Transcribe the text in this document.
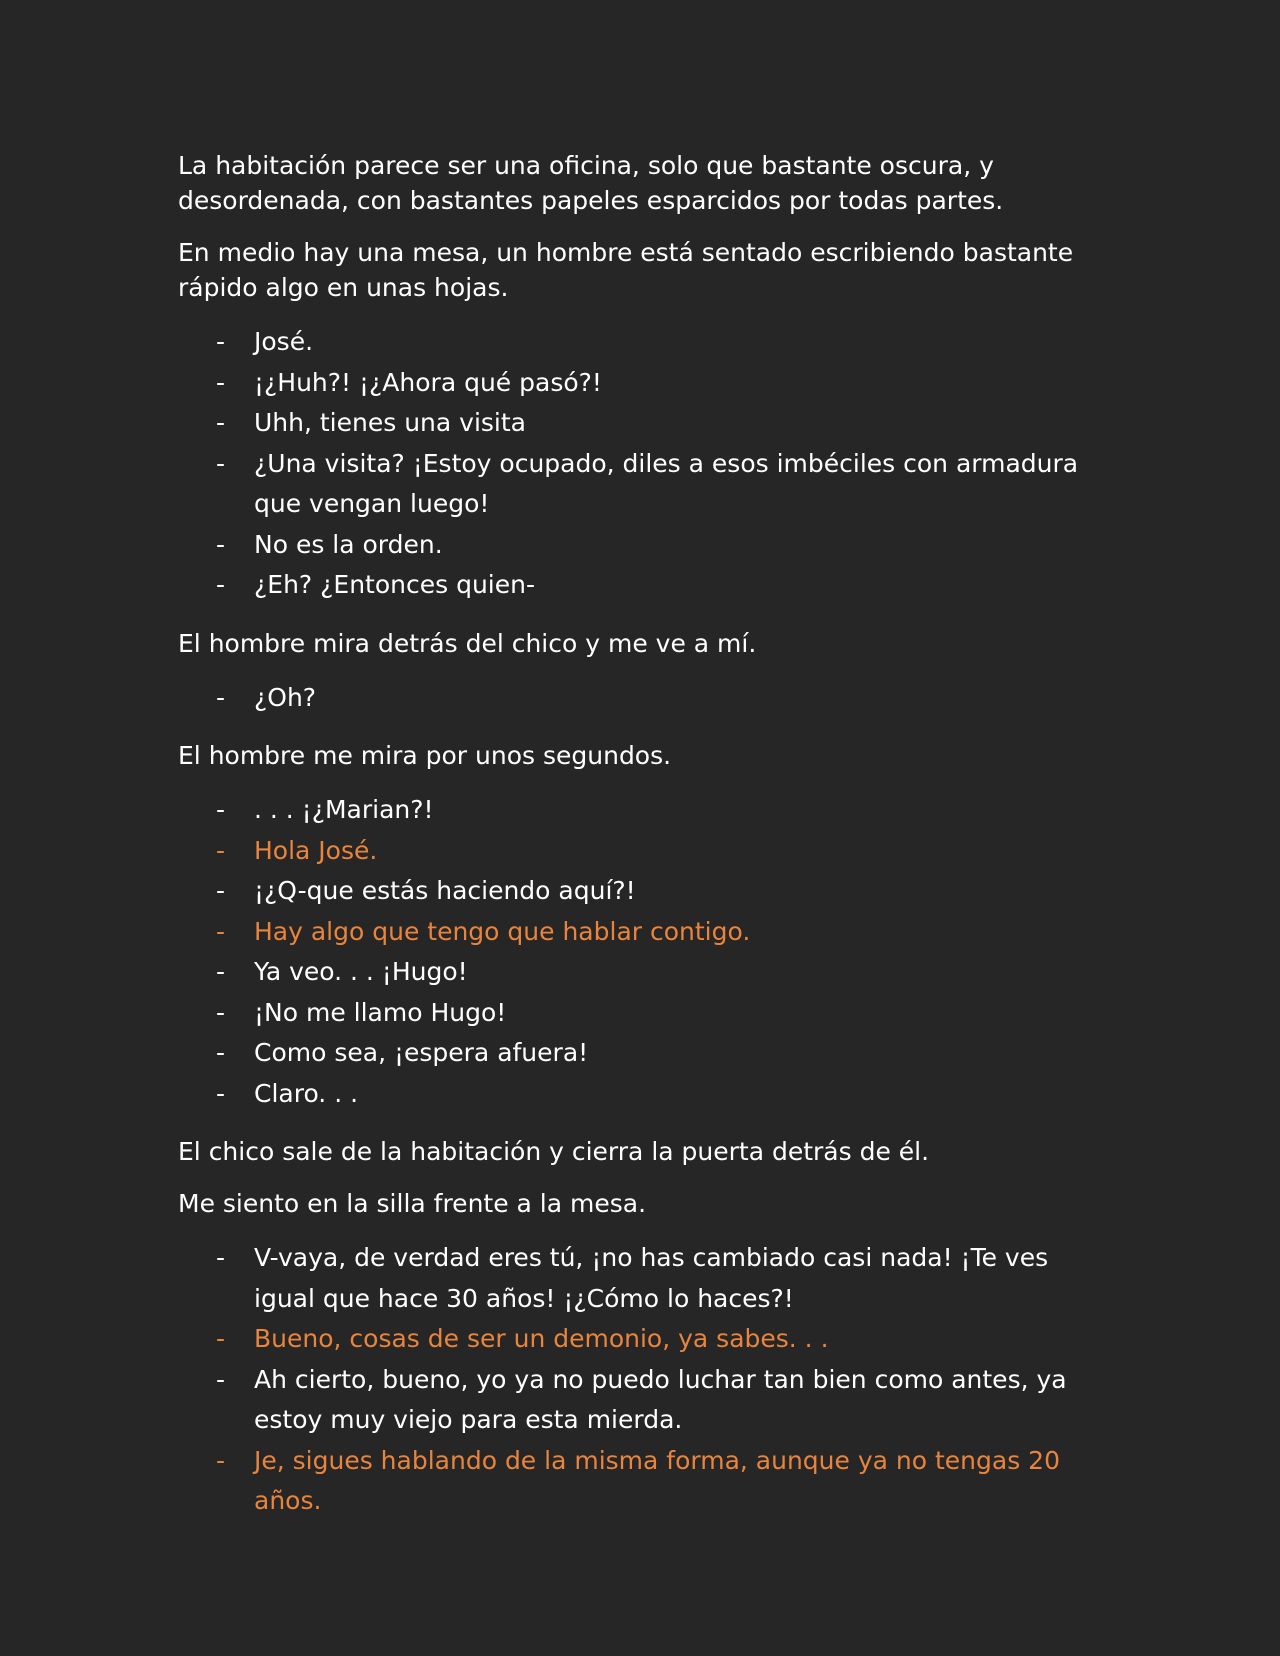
La habitación parece ser una oficina, solo que bastante oscura, y desordenada, con bastantes papeles esparcidos por todas partes.

En medio hay una mesa, un hombre está sentado escribiendo bastante rápido algo en unas hojas.

- José.
- ¡¿Huh?! ¡¿Ahora qué pasó?!
- Uhh, tienes una visita
- ¿Una visita? ¡Estoy ocupado, diles a esos imbéciles con armadura que vengan luego!
- No es la orden.
- ¿Eh? ¿Entonces quien-

El hombre mira detrás del chico y me ve a mí.

- ¿Oh?

El hombre me mira por unos segundos.

- . . . ¡¿Marian?!
- Hola José.
- ¡¿Q-que estás haciendo aquí?!
- Hay algo que tengo que hablar contigo.
- Ya veo. . . ¡Hugo!
- ¡No me llamo Hugo!
- Como sea, ¡espera afuera!
- Claro. . .

El chico sale de la habitación y cierra la puerta detrás de él.

Me siento en la silla frente a la mesa.

- V-vaya, de verdad eres tú, ¡no has cambiado casi nada! ¡Te ves igual que hace 30 años! ¡¿Cómo lo haces?!
- Bueno, cosas de ser un demonio, ya sabes. . .
- Ah cierto, bueno, yo ya no puedo luchar tan bien como antes, ya estoy muy viejo para esta mierda.
- Je, sigues hablando de la misma forma, aunque ya no tengas 20 años.
